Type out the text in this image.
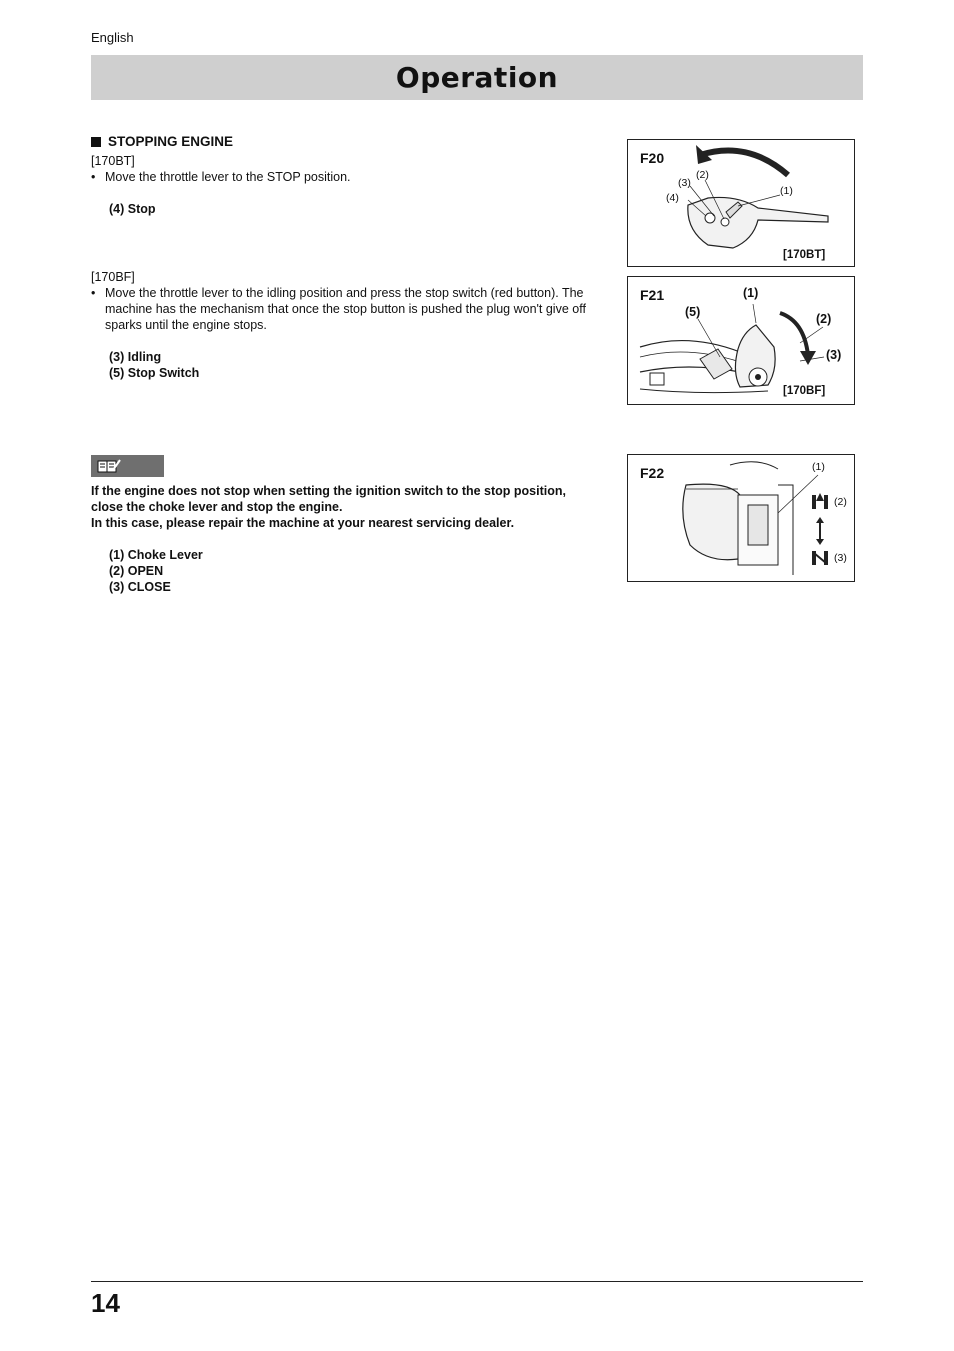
English
Operation
STOPPING ENGINE
[170BT]
• Move the throttle lever to the STOP position.
(4) Stop
[170BF]
• Move the throttle lever to the idling position and press the stop switch (red button). The machine has the mechanism that once the stop button is pushed the plug won't give off sparks until the engine stops.
(3) Idling
(5) Stop Switch
If the engine does not stop when setting the ignition switch to the stop position, close the choke lever and stop the engine.
In this case, please repair the machine at your nearest servicing dealer.
(1) Choke Lever
(2) OPEN
(3) CLOSE
F20
(1)
(2)
(3)
(4)
[170BT]
F21	(1)
(2)
(3)
(5)
[170BF]
F22	(1)
(2)
(3)
14
